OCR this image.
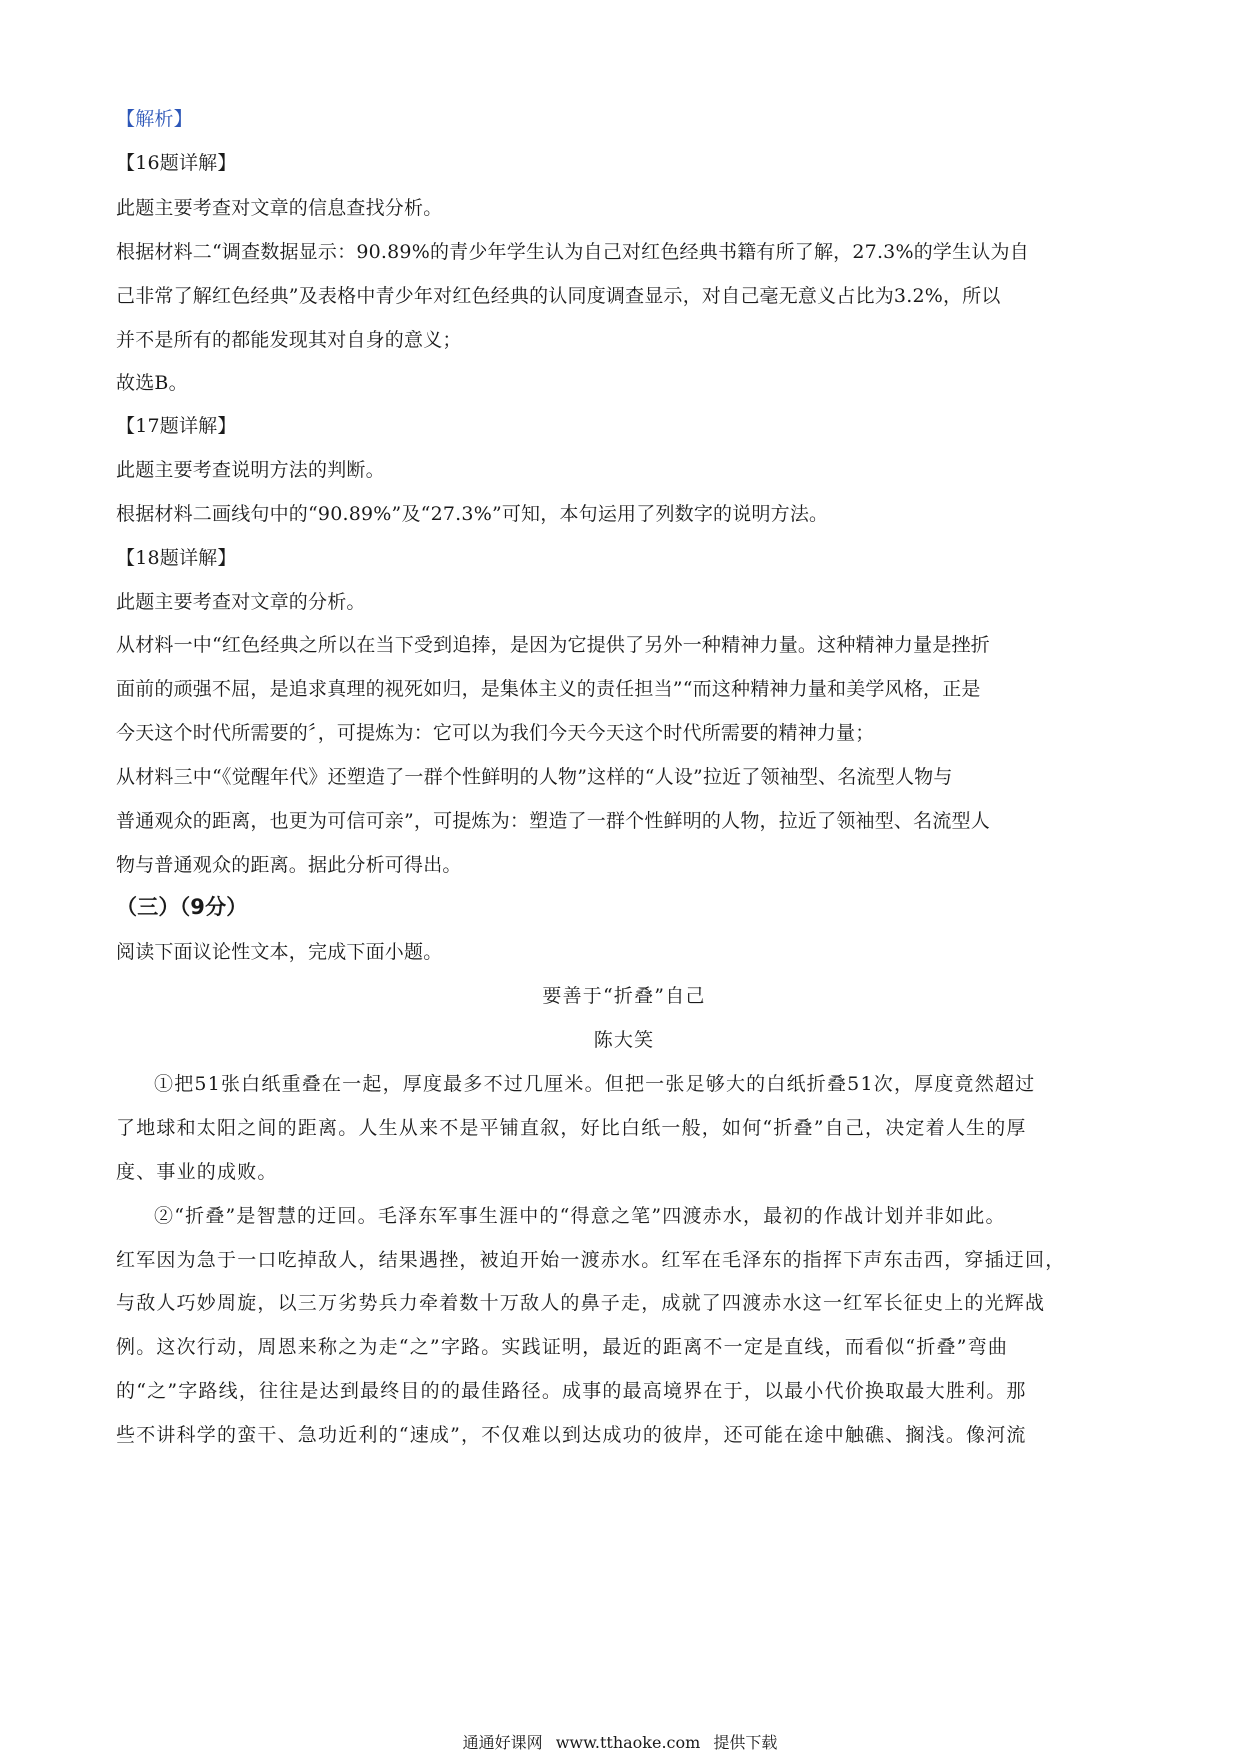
【解析】
【16题详解】
此题主要考查对文章的信息查找分析。
根据材料二“调查数据显示：90.89%的青少年学生认为自己对红色经典书籍有所了解，27.3%的学生认为自
己非常了解红色经典”及表格中青少年对红色经典的认同度调查显示，对自己毫无意义占比为3.2%，所以
并不是所有的都能发现其对自身的意义；
故选B。
【17题详解】
此题主要考查说明方法的判断。
根据材料二画线句中的“90.89%”及“27.3%”可知，本句运用了列数字的说明方法。
【18题详解】
此题主要考查对文章的分析。
从材料一中“红色经典之所以在当下受到追捧，是因为它提供了另外一种精神力量。这种精神力量是挫折
面前的顽强不屈，是追求真理的视死如归，是集体主义的责任担当”“而这种精神力量和美学风格，正是
今天这个时代所需要的〞，可提炼为：它可以为我们今天今天这个时代所需要的精神力量；
从材料三中“《觉醒年代》还塑造了一群个性鲜明的人物”这样的“人设”拉近了领袖型、名流型人物与
普通观众的距离，也更为可信可亲”，可提炼为：塑造了一群个性鲜明的人物，拉近了领袖型、名流型人
物与普通观众的距离。据此分析可得出。
（三）（9分）
阅读下面议论性文本，完成下面小题。
要善于“折叠”自己
陈大笑
①把51张白纸重叠在一起，厚度最多不过几厘米。但把一张足够大的白纸折叠51次，厚度竟然超过
了地球和太阳之间的距离。人生从来不是平铺直叙，好比白纸一般，如何“折叠”自己，决定着人生的厚
度、事业的成败。
②“折叠”是智慧的迂回。毛泽东军事生涯中的“得意之笔”四渡赤水，最初的作战计划并非如此。
红军因为急于一口吃掉敌人，结果遇挫，被迫开始一渡赤水。红军在毛泽东的指挥下声东击西，穿插迂回，
与敌人巧妙周旋，以三万劣势兵力牵着数十万敌人的鼻子走，成就了四渡赤水这一红军长征史上的光辉战
例。这次行动，周恩来称之为走“之”字路。实践证明，最近的距离不一定是直线，而看似“折叠”弯曲
的“之”字路线，往往是达到最终目的的最佳路径。成事的最高境界在于，以最小代价换取最大胜利。那
些不讲科学的蛮干、急功近利的“速成”，不仅难以到达成功的彼岸，还可能在途中触礁、搁浅。像河流
通通好课网 www.tthaoke.com 提供下载
